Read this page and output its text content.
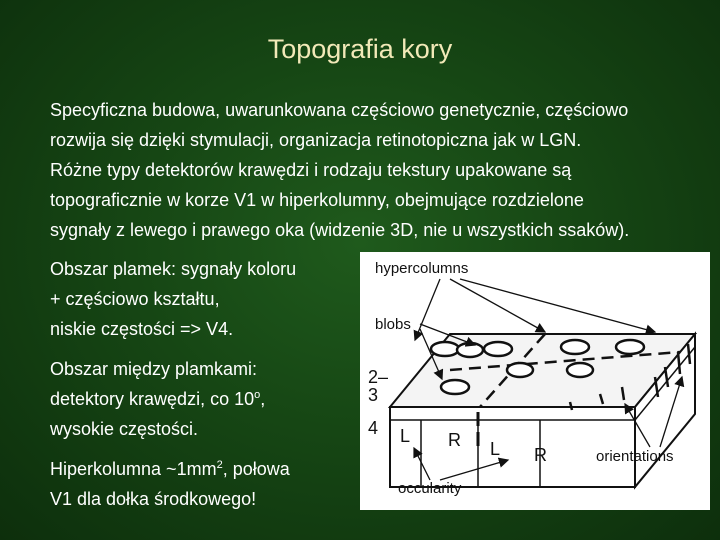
Topografia kory

Specyficzna budowa, uwarunkowana częściowo genetycznie, częściowo

rozwija się dzięki stymulacji, organizacja retinotopiczna jak w LGN.

Różne typy detektorów krawędzi i rodzaju tekstury upakowane są

topograficznie w korze V1 w hiperkolumny, obejmujące rozdzielone

sygnały z lewego i prawego oka (widzenie 3D, nie u wszystkich ssaków).

Obszar plamek: sygnały koloru

+ częściowo kształtu,

niskie częstości => V4.

Obszar między plamkami:

detektory krawędzi, co 10$^o$,

wysokie częstości.

Hiperkolumna $\sim 1mm^2$, połowa

V1 dla dołka środkowego!

hypercolumns
blobs
orientations
occularity
2–
3
4 L R L R
